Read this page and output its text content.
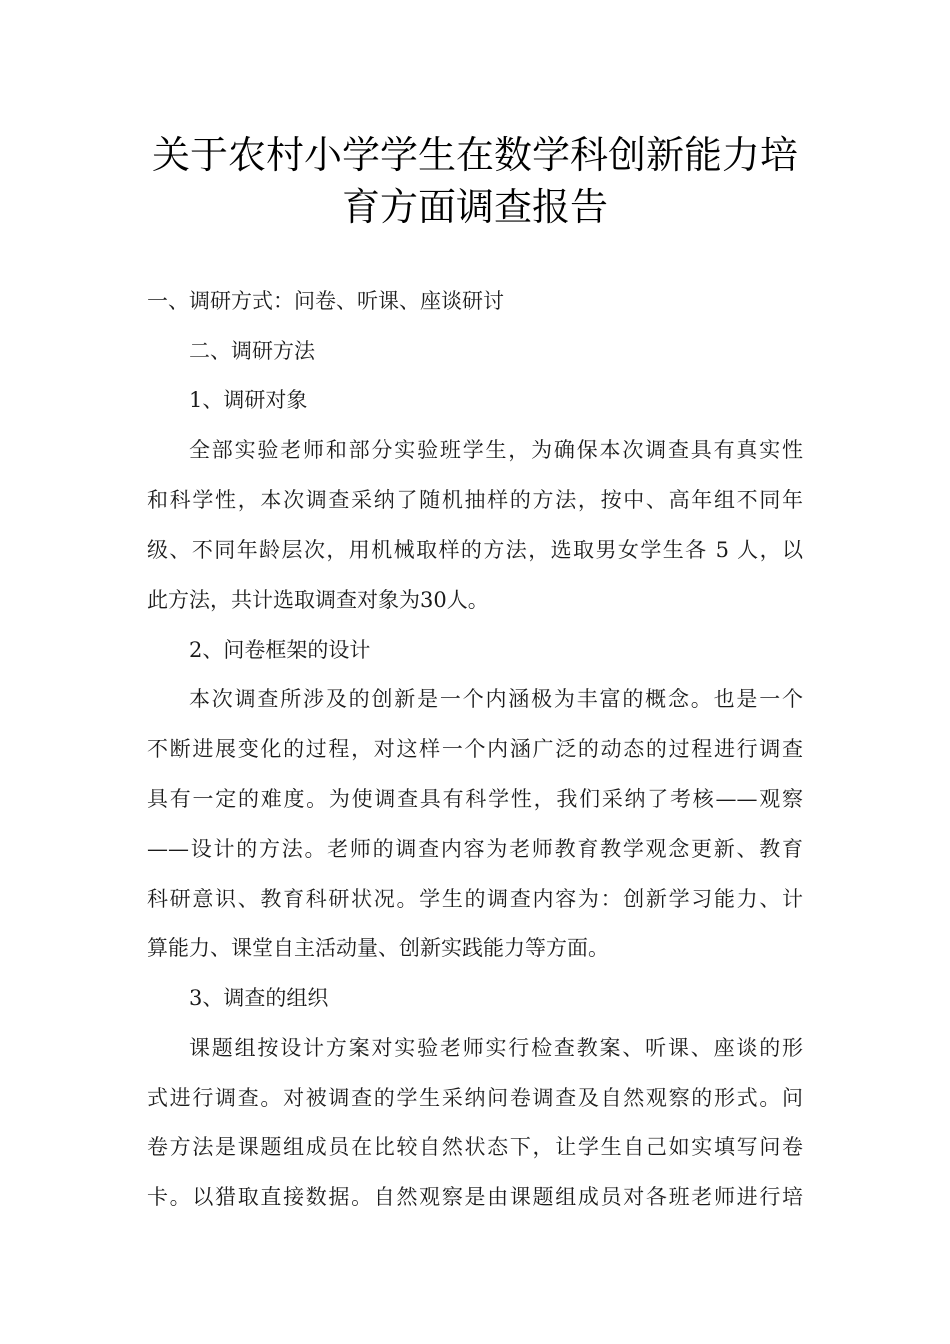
关于农村小学学生在数学科创新能力培
育方面调查报告
一、调研方式：问卷、听课、座谈研讨
二、调研方法
1、调研对象
全部实验老师和部分实验班学生，为确保本次调查具有真实性
和科学性，本次调查采纳了随机抽样的方法，按中、高年组不同年
级、不同年龄层次，用机械取样的方法，选取男女学生各 5 人，以
此方法，共计选取调查对象为30人。
2、问卷框架的设计
本次调查所涉及的创新是一个内涵极为丰富的概念。也是一个
不断进展变化的过程，对这样一个内涵广泛的动态的过程进行调查
具有一定的难度。为使调查具有科学性，我们采纳了考核——观察
——设计的方法。老师的调查内容为老师教育教学观念更新、教育
科研意识、教育科研状况。学生的调查内容为：创新学习能力、计
算能力、课堂自主活动量、创新实践能力等方面。
3、调查的组织
课题组按设计方案对实验老师实行检查教案、听课、座谈的形
式进行调查。对被调查的学生采纳问卷调查及自然观察的形式。问
卷方法是课题组成员在比较自然状态下，让学生自己如实填写问卷
卡。以猎取直接数据。自然观察是由课题组成员对各班老师进行培
